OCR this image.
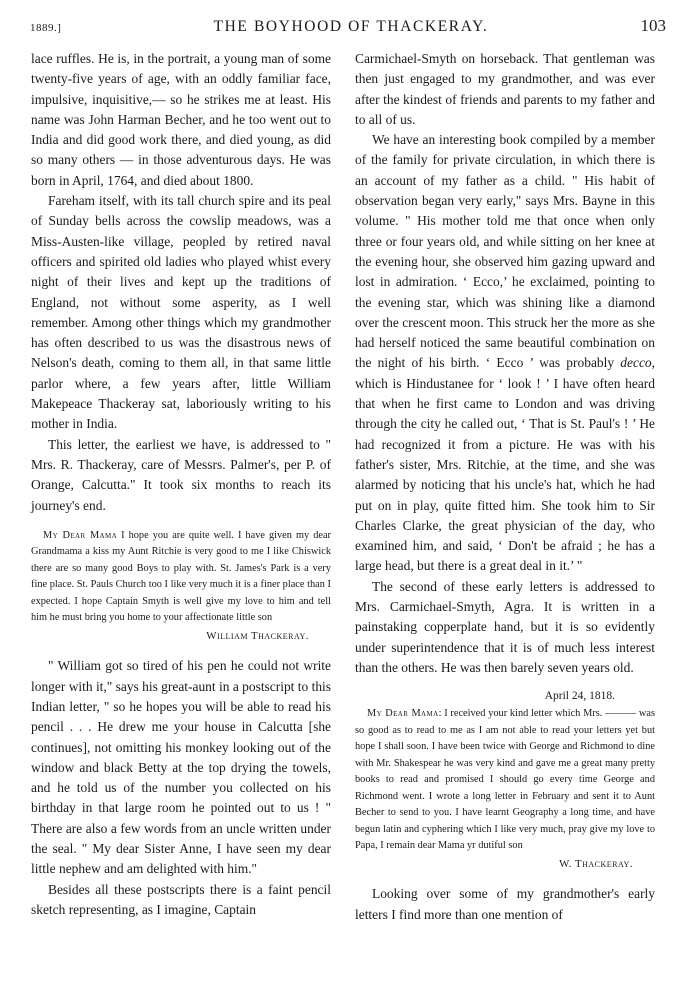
1889.]	THE BOYHOOD OF THACKERAY.	103

lace ruffles. He is, in the portrait, a young man of some twenty-five years of age, with an oddly familiar face, impulsive, inquisitive,— so he strikes me at least. His name was John Harman Becher, and he too went out to India and did good work there, and died young, as did so many others — in those adventurous days. He was born in April, 1764, and died about 1800.

Fareham itself, with its tall church spire and its peal of Sunday bells across the cowslip meadows, was a Miss-Austen-like village, peopled by retired naval officers and spirited old ladies who played whist every night of their lives and kept up the traditions of England, not without some asperity, as I well remember. Among other things which my grandmother has often described to us was the disastrous news of Nelson's death, coming to them all, in that same little parlor where, a few years after, little William Makepeace Thackeray sat, laboriously writing to his mother in India.

This letter, the earliest we have, is addressed to " Mrs. R. Thackeray, care of Messrs. Palmer's, per P. of Orange, Calcutta." It took six months to reach its journey's end.

My Dear Mama I hope you are quite well. I have given my dear Grandmama a kiss my Aunt Ritchie is very good to me I like Chiswick there are so many good Boys to play with. St. James's Park is a very fine place. St. Pauls Church too I like very much it is a finer place than I expected. I hope Captain Smyth is well give my love to him and tell him he must bring you home to your affectionate little son

William Thackeray.

" William got so tired of his pen he could not write longer with it," says his great-aunt in a postscript to this Indian letter, " so he hopes you will be able to read his pencil . . . He drew me your house in Calcutta [she continues], not omitting his monkey looking out of the window and black Betty at the top drying the towels, and he told us of the number you collected on his birthday in that large room he pointed out to us ! " There are also a few words from an uncle written under the seal. " My dear Sister Anne, I have seen my dear little nephew and am delighted with him."

Besides all these postscripts there is a faint pencil sketch representing, as I imagine, Captain

Carmichael-Smyth on horseback. That gentleman was then just engaged to my grandmother, and was ever after the kindest of friends and parents to my father and to all of us.

We have an interesting book compiled by a member of the family for private circulation, in which there is an account of my father as a child. " His habit of observation began very early," says Mrs. Bayne in this volume. " His mother told me that once when only three or four years old, and while sitting on her knee at the evening hour, she observed him gazing upward and lost in admiration. ‘ Ecco,’ he exclaimed, pointing to the evening star, which was shining like a diamond over the crescent moon. This struck her the more as she had herself noticed the same beautiful combination on the night of his birth. ‘ Ecco ’ was probably decco, which is Hindustanee for ‘ look ! ’ I have often heard that when he first came to London and was driving through the city he called out, ‘ That is St. Paul's ! ’ He had recognized it from a picture. He was with his father's sister, Mrs. Ritchie, at the time, and she was alarmed by noticing that his uncle's hat, which he had put on in play, quite fitted him. She took him to Sir Charles Clarke, the great physician of the day, who examined him, and said, ‘ Don't be afraid ; he has a large head, but there is a great deal in it.’ "

The second of these early letters is addressed to Mrs. Carmichael-Smyth, Agra. It is written in a painstaking copperplate hand, but it is so evidently under superintendence that it is of much less interest than the others. He was then barely seven years old.

April 24, 1818.

My Dear Mama: I received your kind letter which Mrs. ——— was so good as to read to me as I am not able to read your letters yet but hope I shall soon. I have been twice with George and Richmond to dine with Mr. Shakespear he was very kind and gave me a great many pretty books to read and promised I should go every time George and Richmond went. I wrote a long letter in February and sent it to Aunt Becher to send to you. I have learnt Geography a long time, and have begun latin and cyphering which I like very much, pray give my love to Papa, I remain dear Mama yr dutiful son

W. Thackeray.

Looking over some of my grandmother's early letters I find more than one mention of
